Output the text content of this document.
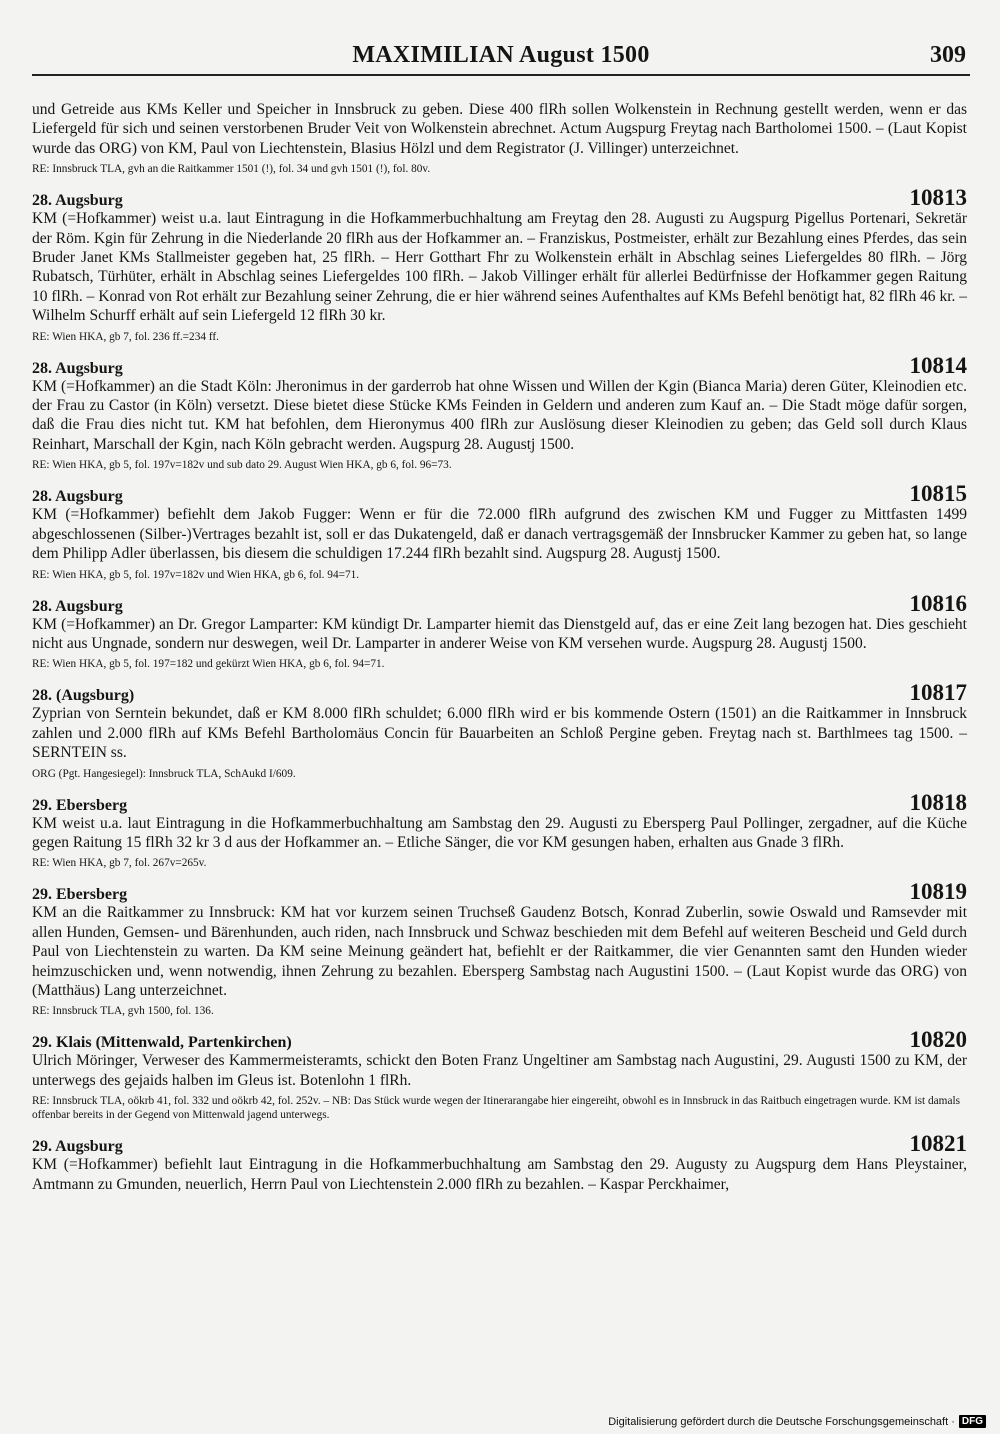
MAXIMILIAN August 1500	309

und Getreide aus KMs Keller und Speicher in Innsbruck zu geben. Diese 400 flRh sollen Wolkenstein in Rechnung gestellt werden, wenn er das Liefergeld für sich und seinen verstorbenen Bruder Veit von Wolkenstein abrechnet. Actum Augspurg Freytag nach Bartholomei 1500. – (Laut Kopist wurde das ORG) von KM, Paul von Liechtenstein, Blasius Hölzl und dem Registrator (J. Villinger) unterzeichnet.

RE: Innsbruck TLA, gvh an die Raitkammer 1501 (!), fol. 34 und gvh 1501 (!), fol. 80v.

28. Augsburg	10813

KM (=Hofkammer) weist u.a. laut Eintragung in die Hofkammerbuchhaltung am Freytag den 28. Augusti zu Augspurg Pigellus Portenari, Sekretär der Röm. Kgin für Zehrung in die Niederlande 20 flRh aus der Hofkammer an. – Franziskus, Postmeister, erhält zur Bezahlung eines Pferdes, das sein Bruder Janet KMs Stallmeister gegeben hat, 25 flRh. – Herr Gotthart Fhr zu Wolkenstein erhält in Abschlag seines Liefergeldes 80 flRh. – Jörg Rubatsch, Türhüter, erhält in Abschlag seines Liefergeldes 100 flRh. – Jakob Villinger erhält für allerlei Bedürfnisse der Hofkammer gegen Raitung 10 flRh. – Konrad von Rot erhält zur Bezahlung seiner Zehrung, die er hier während seines Aufenthaltes auf KMs Befehl benötigt hat, 82 flRh 46 kr. – Wilhelm Schurff erhält auf sein Liefergeld 12 flRh 30 kr.

RE: Wien HKA, gb 7, fol. 236 ff.=234 ff.

28. Augsburg	10814

KM (=Hofkammer) an die Stadt Köln: Jheronimus in der garderrob hat ohne Wissen und Willen der Kgin (Bianca Maria) deren Güter, Kleinodien etc. der Frau zu Castor (in Köln) versetzt. Diese bietet diese Stücke KMs Feinden in Geldern und anderen zum Kauf an. – Die Stadt möge dafür sorgen, daß die Frau dies nicht tut. KM hat befohlen, dem Hieronymus 400 flRh zur Auslösung dieser Kleinodien zu geben; das Geld soll durch Klaus Reinhart, Marschall der Kgin, nach Köln gebracht werden. Augspurg 28. Augustj 1500.

RE: Wien HKA, gb 5, fol. 197v=182v und sub dato 29. August Wien HKA, gb 6, fol. 96=73.

28. Augsburg	10815

KM (=Hofkammer) befiehlt dem Jakob Fugger: Wenn er für die 72.000 flRh aufgrund des zwischen KM und Fugger zu Mittfasten 1499 abgeschlossenen (Silber-)Vertrages bezahlt ist, soll er das Dukatengeld, daß er danach vertragsgemäß der Innsbrucker Kammer zu geben hat, so lange dem Philipp Adler überlassen, bis diesem die schuldigen 17.244 flRh bezahlt sind. Augspurg 28. Augustj 1500.

RE: Wien HKA, gb 5, fol. 197v=182v und Wien HKA, gb 6, fol. 94=71.

28. Augsburg	10816

KM (=Hofkammer) an Dr. Gregor Lamparter: KM kündigt Dr. Lamparter hiemit das Dienstgeld auf, das er eine Zeit lang bezogen hat. Dies geschieht nicht aus Ungnade, sondern nur deswegen, weil Dr. Lamparter in anderer Weise von KM versehen wurde. Augspurg 28. Augustj 1500.

RE: Wien HKA, gb 5, fol. 197=182 und gekürzt Wien HKA, gb 6, fol. 94=71.

28. (Augsburg)	10817

Zyprian von Serntein bekundet, daß er KM 8.000 flRh schuldet; 6.000 flRh wird er bis kommende Ostern (1501) an die Raitkammer in Innsbruck zahlen und 2.000 flRh auf KMs Befehl Bartholomäus Concin für Bauarbeiten an Schloß Pergine geben. Freytag nach st. Barthlmees tag 1500. – SERNTEIN ss.

ORG (Pgt. Hangesiegel): Innsbruck TLA, SchAukd I/609.

29. Ebersberg	10818

KM weist u.a. laut Eintragung in die Hofkammerbuchhaltung am Sambstag den 29. Augusti zu Ebersperg Paul Pollinger, zergadner, auf die Küche gegen Raitung 15 flRh 32 kr 3 d aus der Hofkammer an. – Etliche Sänger, die vor KM gesungen haben, erhalten aus Gnade 3 flRh.

RE: Wien HKA, gb 7, fol. 267v=265v.

29. Ebersberg	10819

KM an die Raitkammer zu Innsbruck: KM hat vor kurzem seinen Truchseß Gaudenz Botsch, Konrad Zuberlin, sowie Oswald und Ramsevder mit allen Hunden, Gemsen- und Bärenhunden, auch riden, nach Innsbruck und Schwaz beschieden mit dem Befehl auf weiteren Bescheid und Geld durch Paul von Liechtenstein zu warten. Da KM seine Meinung geändert hat, befiehlt er der Raitkammer, die vier Genannten samt den Hunden wieder heimzuschicken und, wenn notwendig, ihnen Zehrung zu bezahlen. Ebersperg Sambstag nach Augustini 1500. – (Laut Kopist wurde das ORG) von (Matthäus) Lang unterzeichnet.

RE: Innsbruck TLA, gvh 1500, fol. 136.

29. Klais (Mittenwald, Partenkirchen)	10820

Ulrich Möringer, Verweser des Kammermeisteramts, schickt den Boten Franz Ungeltiner am Sambstag nach Augustini, 29. Augusti 1500 zu KM, der unterwegs des gejaids halben im Gleus ist. Botenlohn 1 flRh.

RE: Innsbruck TLA, oökrb 41, fol. 332 und oökrb 42, fol. 252v. – NB: Das Stück wurde wegen der Itinerarangabe hier eingereiht, obwohl es in Innsbruck in das Raitbuch eingetragen wurde. KM ist damals offenbar bereits in der Gegend von Mittenwald jagend unterwegs.

29. Augsburg	10821

KM (=Hofkammer) befiehlt laut Eintragung in die Hofkammerbuchhaltung am Sambstag den 29. Augusty zu Augspurg dem Hans Pleystainer, Amtmann zu Gmunden, neuerlich, Herrn Paul von Liechtenstein 2.000 flRh zu bezahlen. – Kaspar Perckhaimer,

Digitalisierung gefördert durch die Deutsche Forschungsgemeinschaft · DFG
